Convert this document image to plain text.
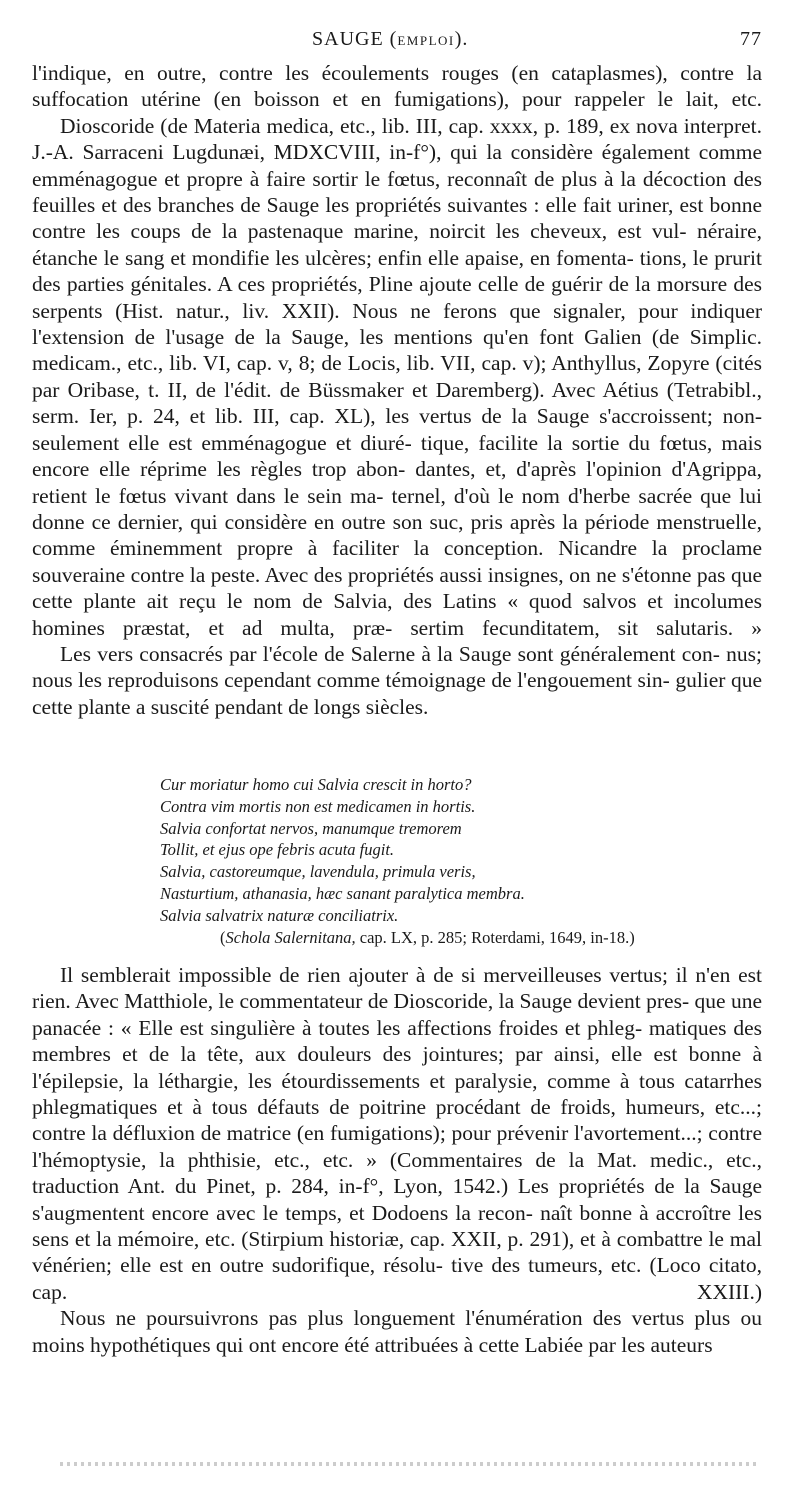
SAUGE (EMPLOI).	77

l'indique, en outre, contre les écoulements rouges (en cataplasmes), contre la suffocation utérine (en boisson et en fumigations), pour rappeler le lait, etc.

Dioscoride (de Materia medica, etc., lib. III, cap. xxxx, p. 189, ex nova interpret. J.-A. Sarraceni Lugdunæi, MDXCVIII, in-f°), qui la considère également comme emménagogue et propre à faire sortir le fœtus, reconnaît de plus à la décoction des feuilles et des branches de Sauge les propriétés suivantes : elle fait uriner, est bonne contre les coups de la pastenaque marine, noircit les cheveux, est vul- néraire, étanche le sang et mondifie les ulcères; enfin elle apaise, en fomenta- tions, le prurit des parties génitales. A ces propriétés, Pline ajoute celle de guérir de la morsure des serpents (Hist. natur., liv. XXII). Nous ne ferons que signaler, pour indiquer l'extension de l'usage de la Sauge, les mentions qu'en font Galien (de Simplic. medicam., etc., lib. VI, cap. v, 8; de Locis, lib. VII, cap. v); Anthyllus, Zopyre (cités par Oribase, t. II, de l'édit. de Büssmaker et Daremberg). Avec Aétius (Tetrabibl., serm. Ier, p. 24, et lib. III, cap. XL), les vertus de la Sauge s'accroissent; non-seulement elle est emménagogue et diuré- tique, facilite la sortie du fœtus, mais encore elle réprime les règles trop abon- dantes, et, d'après l'opinion d'Agrippa, retient le fœtus vivant dans le sein ma- ternel, d'où le nom d'herbe sacrée que lui donne ce dernier, qui considère en outre son suc, pris après la période menstruelle, comme éminemment propre à faciliter la conception. Nicandre la proclame souveraine contre la peste. Avec des propriétés aussi insignes, on ne s'étonne pas que cette plante ait reçu le nom de Salvia, des Latins « quod salvos et incolumes homines præstat, et ad multa, præ- sertim fecunditatem, sit salutaris. »

Les vers consacrés par l'école de Salerne à la Sauge sont généralement con- nus; nous les reproduisons cependant comme témoignage de l'engouement sin- gulier que cette plante a suscité pendant de longs siècles.

Cur moriatur homo cui Salvia crescit in horto?
Contra vim mortis non est medicamen in hortis.
Salvia confortat nervos, manumque tremorem
Tollit, et ejus ope febris acuta fugit.
Salvia, castoreumque, lavendula, primula veris,
Nasturtium, athanasia, hæc sanant paralytica membra.
Salvia salvatrix naturæ conciliatrix.
(Schola Salernitana, cap. LX, p. 285; Roterdami, 1649, in-18.)

Il semblerait impossible de rien ajouter à de si merveilleuses vertus; il n'en est rien. Avec Matthiole, le commentateur de Dioscoride, la Sauge devient pres- que une panacée : « Elle est singulière à toutes les affections froides et phleg- matiques des membres et de la tête, aux douleurs des jointures; par ainsi, elle est bonne à l'épilepsie, la léthargie, les étourdissements et paralysie, comme à tous catarrhes phlegmatiques et à tous défauts de poitrine procédant de froids, humeurs, etc...; contre la défluxion de matrice (en fumigations); pour prévenir l'avortement...; contre l'hémoptysie, la phthisie, etc., etc. » (Commentaires de la Mat. medic., etc., traduction Ant. du Pinet, p. 284, in-f°, Lyon, 1542.) Les propriétés de la Sauge s'augmentent encore avec le temps, et Dodoens la recon- naît bonne à accroître les sens et la mémoire, etc. (Stirpium historiæ, cap. XXII, p. 291), et à combattre le mal vénérien; elle est en outre sudorifique, résolu- tive des tumeurs, etc. (Loco citato, cap. XXIII.)

Nous ne poursuivrons pas plus longuement l'énumération des vertus plus ou moins hypothétiques qui ont encore été attribuées à cette Labiée par les auteurs
